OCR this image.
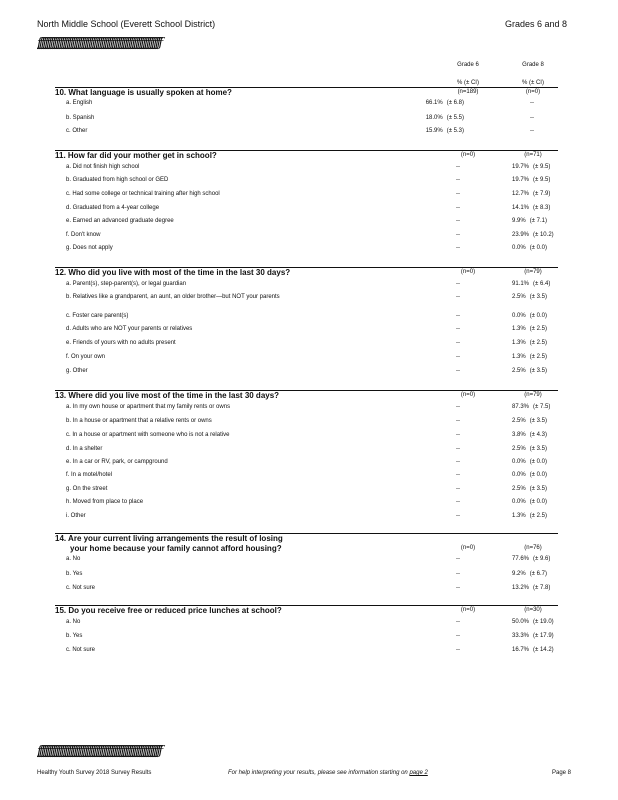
North Middle School (Everett School District)	Grades 6 and 8
ƒƒƒƒƒƒƒƒƒƒƒƒƒƒƒƒƒƒƒƒƒƒƒƒƒƒƒƒƒƒƒƒƒƒƒƒƒƒƒƒƒƒƒƒƒƒƒƒƒƒƒƒƒƒƒƒƒƒƒƒƒƒƒƒƒƒƒƒ
Grade 6	Grade 8
% (± CI)	% (± CI)
10. What language is usually spoken at home?	(n=189)	(n=0)
a. English	66.1% (± 6.8)	--
b. Spanish	18.0% (± 5.5)	--
c. Other	15.9% (± 5.3)	--
11. How far did your mother get in school?	(n=0)	(n=71)
a. Did not finish high school	--	19.7% (± 9.5)
b. Graduated from high school or GED	--	19.7% (± 9.5)
c. Had some college or technical training after high school	--	12.7% (± 7.9)
d. Graduated from a 4-year college	--	14.1% (± 8.3)
e. Earned an advanced graduate degree	--	9.9% (± 7.1)
f. Don't know	--	23.9% (± 10.2)
g. Does not apply	--	0.0% (± 0.0)
12. Who did you live with most of the time in the last 30 days?	(n=0)	(n=79)
a. Parent(s), step-parent(s), or legal guardian	--	91.1% (± 6.4)
b. Relatives like a grandparent, an aunt, an older brother—but NOT your parents	--	2.5% (± 3.5)
c. Foster care parent(s)	--	0.0% (± 0.0)
d. Adults who are NOT your parents or relatives	--	1.3% (± 2.5)
e. Friends of yours with no adults present	--	1.3% (± 2.5)
f. On your own	--	1.3% (± 2.5)
g. Other	--	2.5% (± 3.5)
13. Where did you live most of the time in the last 30 days?	(n=0)	(n=79)
a. In my own house or apartment that my family rents or owns	--	87.3% (± 7.5)
b. In a house or apartment that a relative rents or owns	--	2.5% (± 3.5)
c. In a house or apartment with someone who is not a relative	--	3.8% (± 4.3)
d. In a shelter	--	2.5% (± 3.5)
e. In a car or RV, park, or campground	--	0.0% (± 0.0)
f. In a motel/hotel	--	0.0% (± 0.0)
g. On the street	--	2.5% (± 3.5)
h. Moved from place to place	--	0.0% (± 0.0)
i. Other	--	1.3% (± 2.5)
14. Are your current living arrangements the result of losing
your home because your family cannot afford housing?	(n=0)	(n=76)
a. No	--	77.6% (± 9.6)
b. Yes	--	9.2% (± 6.7)
c. Not sure	--	13.2% (± 7.8)
15. Do you receive free or reduced price lunches at school?	(n=0)	(n=30)
a. No	--	50.0% (± 19.0)
b. Yes	--	33.3% (± 17.9)
c. Not sure	--	16.7% (± 14.2)
ƒƒƒƒƒƒƒƒƒƒƒƒƒƒƒƒƒƒƒƒƒƒƒƒƒƒƒƒƒƒƒƒƒƒƒƒƒƒƒƒƒƒƒƒƒƒƒƒƒƒƒƒƒƒƒƒƒƒƒƒƒƒƒƒƒƒƒƒ
Healthy Youth Survey 2018 Survey Results	For help interpreting your results, please see information starting on page 2	Page 8
